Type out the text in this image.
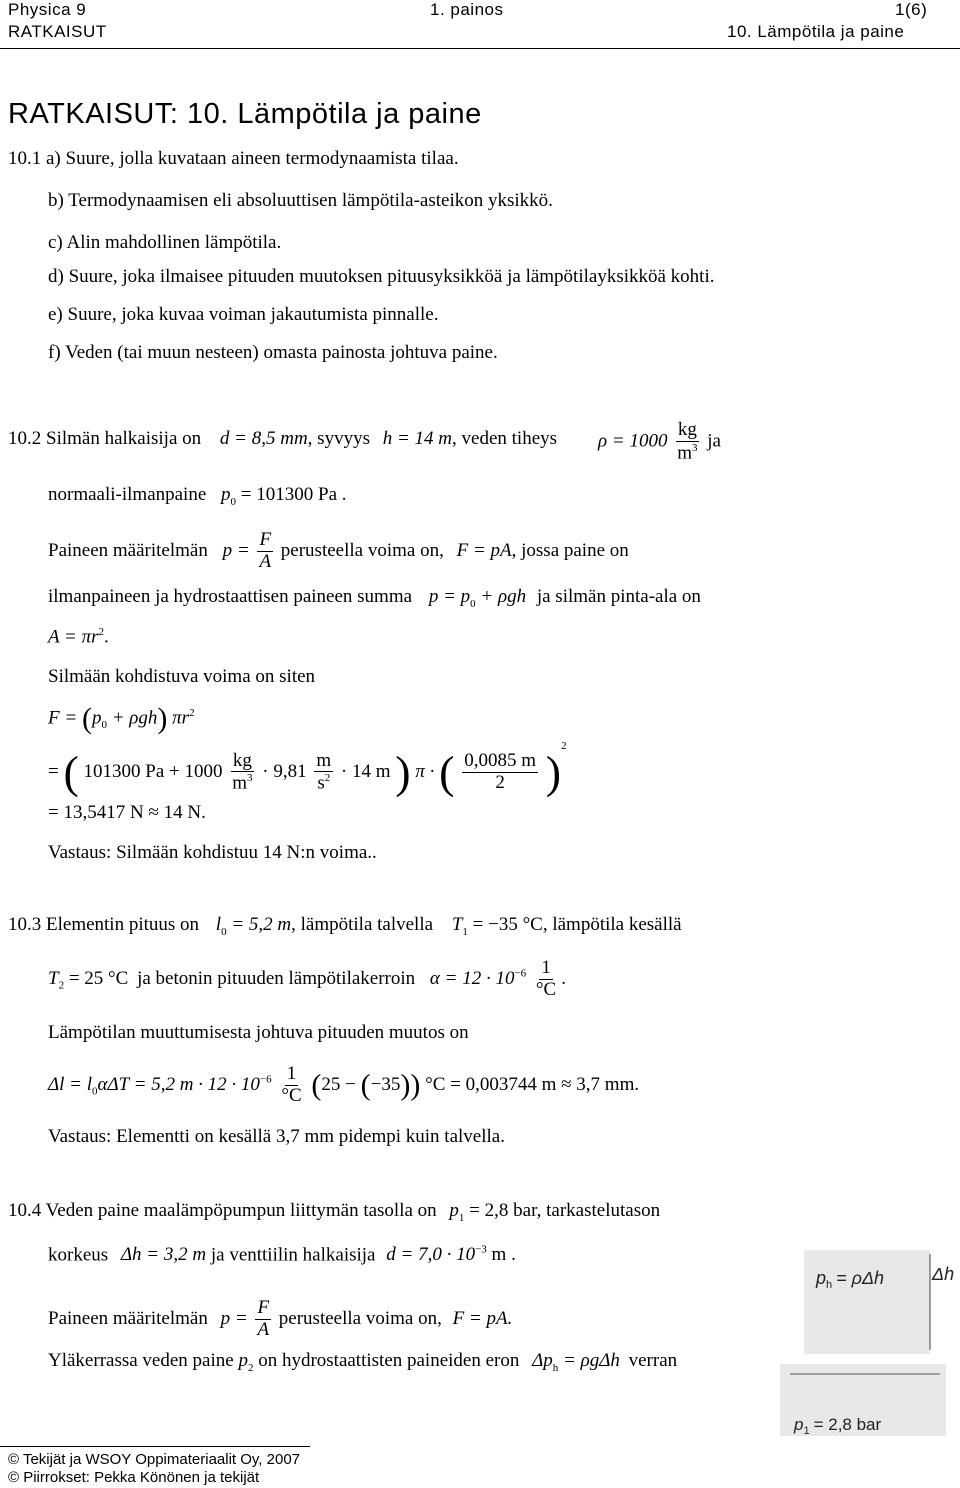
Physica 9	1. painos	1(6)
RATKAISUT	10. Lämpötila ja paine
RATKAISUT: 10. Lämpötila ja paine
10.1 a) Suure, jolla kuvataan aineen termodynaamista tilaa.
b) Termodynaamisen eli absoluuttisen lämpötila-asteikon yksikkö.
c) Alin mahdollinen lämpötila.
d) Suure, joka ilmaisee pituuden muutoksen pituusyksikköä ja lämpötilayksikköä kohti.
e) Suure, joka kuvaa voiman jakautumista pinnalle.
f) Veden (tai muun nesteen) omasta painosta johtuva paine.
10.2 Silmän halkaisija on d = 8,5 mm, syvyys h = 14 m, veden tiheys $\rho = 1000 \frac{kg}{m^3}$ ja
normaali-ilmanpaine $p_0 = 101300$ Pa .
Paineen määritelmän $p = \frac{F}{A}$ perusteella voima on, F = pA, jossa paine on
ilmanpaineen ja hydrostaattisen paineen summa $p = p_0 + \rho gh$ ja silmän pinta-ala on
$A = \pi r^2$.
Silmään kohdistuva voima on siten
$F = (p_0 + \rho gh)$ $\pi r^2$
= ( 101300 $Pa + 1000 \frac{kg}{m^3} \cdot 9,81 \frac{m}{s^2} \cdot 14$ m ) π · ( $\frac{0,0085 m}{2} )^2$
= 13,5417 N ≈ 14 N.
Vastaus: Silmään kohdistuu 14 N:n voima..
10.3 Elementin pituus on $l_0 = 5,2$ m, lämpötila talvella $T_1 = -35$ °C, lämpötila kesällä
$T_2 = 25$ °C ja betonin pituuden lämpötilakerroin $\alpha = 12 \cdot 10^{-6} \frac{1}{^\circ C}$ .
Lämpötilan muuttumisesta johtuva pituuden muutos on
$\Delta l = l_0\alpha\Delta T = 5,2$ $m \cdot 12 \cdot 10^{-6} \frac{1}{^\circ C} (25 - (-35)) ^\circ C = 0,003744$ m ≈ 3,7 mm.
Vastaus: Elementti on kesällä 3,7 mm pidempi kuin talvella.
10.4 Veden paine maalämpöpumpun liittymän tasolla on $p_1 = 2,8$ bar, tarkastelutason
korkeus Δh = 3,2 m ja venttiilin halkaisija $d = 7,0 \cdot 10^{-3}$ m .
Paineen määritelmän $p = \frac{F}{A}$ perusteella voima on, F = pA.
Yläkerrassa veden paine $p_2$ on hydrostaattisten paineiden eron $\Delta p_h = \rho g\Delta h$ verran
$p_h = \rho\Delta h$	Δh
$p_1 = 2,8$ bar
© Tekijät ja WSOY Oppimateriaalit Oy, 2007
© Piirrokset: Pekka Könönen ja tekijät
